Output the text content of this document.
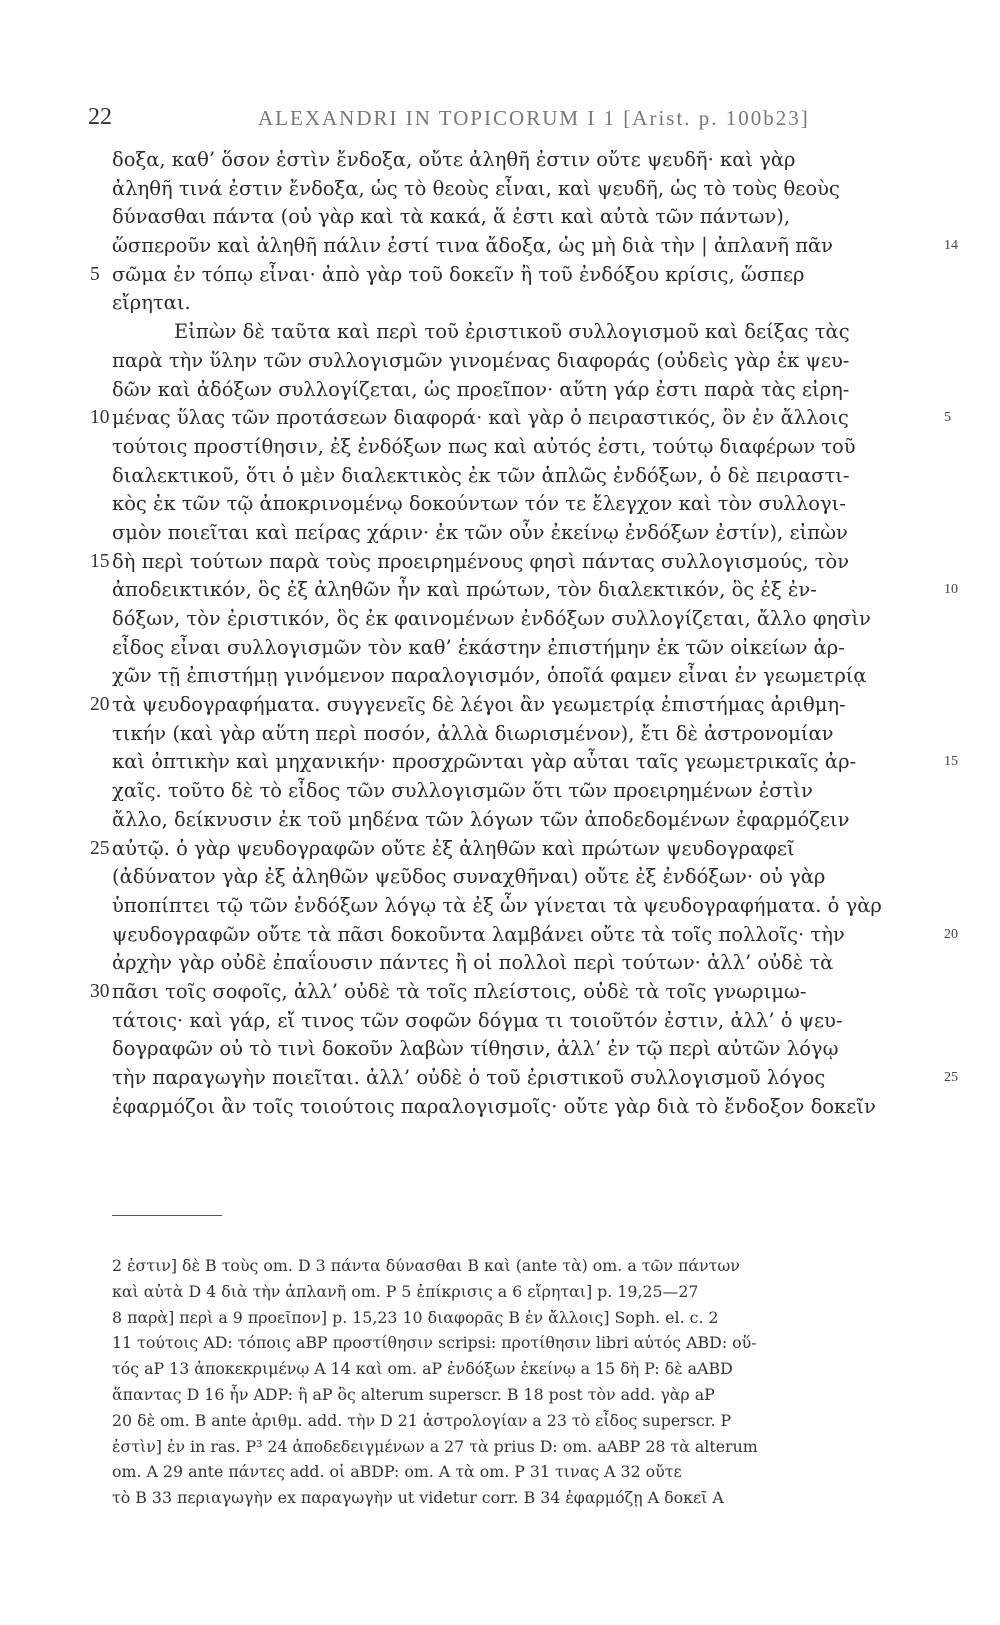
22	ALEXANDRI IN TOPICORUM I 1 [Arist. p. 100b23]
δοξα, καθ’ ὅσον ἐστὶν ἔνδοξα, οὔτε ἀληθῆ ἐστιν οὔτε ψευδῆ· καὶ γὰρ
ἀληθῆ τινά ἐστιν ἔνδοξα, ὡς τὸ θεοὺς εἶναι, καὶ ψευδῆ, ὡς τὸ τοὺς θεοὺς
δύνασθαι πάντα (οὐ γὰρ καὶ τὰ κακά, ἅ ἐστι καὶ αὐτὰ τῶν πάντων),
ὥσπεροῦν καὶ ἀληθῆ πάλιν ἐστί τινα ἄδοξα, ὡς μὴ διὰ τὴν | ἀπλανῆ πᾶν	14
5 σῶμα ἐν τόπῳ εἶναι· ἀπὸ γὰρ τοῦ δοκεῖν ἢ τοῦ ἐνδόξου κρίσις, ὥσπερ
εἴρηται.
Εἰπὼν δὲ ταῦτα καὶ περὶ τοῦ ἐριστικοῦ συλλογισμοῦ καὶ δείξας τὰς
παρὰ τὴν ὕλην τῶν συλλογισμῶν γινομένας διαφοράς (οὐδεὶς γὰρ ἐκ ψευ-
δῶν καὶ ἀδόξων συλλογίζεται, ὡς προεῖπον· αὕτη γάρ ἐστι παρὰ τὰς εἰρη-
10 μένας ὕλας τῶν προτάσεων διαφορά· καὶ γὰρ ὁ πειραστικός, ὃν ἐν ἄλλοις	5
τούτοις προστίθησιν, ἐξ ἐνδόξων πως καὶ αὐτός ἐστι, τούτῳ διαφέρων τοῦ
διαλεκτικοῦ, ὅτι ὁ μὲν διαλεκτικὸς ἐκ τῶν ἁπλῶς ἐνδόξων, ὁ δὲ πειραστι-
κὸς ἐκ τῶν τῷ ἀποκρινομένῳ δοκούντων τόν τε ἔλεγχον καὶ τὸν συλλογι-
σμὸν ποιεῖται καὶ πείρας χάριν· ἐκ τῶν οὖν ἐκείνῳ ἐνδόξων ἐστίν), εἰπὼν
15 δὴ περὶ τούτων παρὰ τοὺς προειρημένους φησὶ πάντας συλλογισμούς, τὸν
ἀποδεικτικόν, ὃς ἐξ ἀληθῶν ἦν καὶ πρώτων, τὸν διαλεκτικόν, ὃς ἐξ ἐν-	10
δόξων, τὸν ἐριστικόν, ὃς ἐκ φαινομένων ἐνδόξων συλλογίζεται, ἄλλο φησὶν
εἶδος εἶναι συλλογισμῶν τὸν καθ’ ἑκάστην ἐπιστήμην ἐκ τῶν οἰκείων ἀρ-
χῶν τῇ ἐπιστήμῃ γινόμενον παραλογισμόν, ὁποῖά φαμεν εἶναι ἐν γεωμετρίᾳ
20 τὰ ψευδογραφήματα. συγγενεῖς δὲ λέγοι ἂν γεωμετρίᾳ ἐπιστήμας ἀριθμη-
τικήν (καὶ γὰρ αὕτη περὶ ποσόν, ἀλλὰ διωρισμένον), ἔτι δὲ ἀστρονομίαν
καὶ ὀπτικὴν καὶ μηχανικήν· προσχρῶνται γὰρ αὗται ταῖς γεωμετρικαῖς ἀρ-	15
χαῖς. τοῦτο δὲ τὸ εἶδος τῶν συλλογισμῶν ὅτι τῶν προειρημένων ἐστὶν
ἄλλο, δείκνυσιν ἐκ τοῦ μηδένα τῶν λόγων τῶν ἀποδεδομένων ἐφαρμόζειν
25 αὐτῷ. ὁ γὰρ ψευδογραφῶν οὔτε ἐξ ἀληθῶν καὶ πρώτων ψευδογραφεῖ
(ἀδύνατον γὰρ ἐξ ἀληθῶν ψεῦδος συναχθῆναι) οὔτε ἐξ ἐνδόξων· οὐ γὰρ
ὑποπίπτει τῷ τῶν ἐνδόξων λόγῳ τὰ ἐξ ὧν γίνεται τὰ ψευδογραφήματα. ὁ γὰρ
ψευδογραφῶν οὔτε τὰ πᾶσι δοκοῦντα λαμβάνει οὔτε τὰ τοῖς πολλοῖς· τὴν	20
ἀρχὴν γὰρ οὐδὲ ἐπαΐουσιν πάντες ἢ οἱ πολλοὶ περὶ τούτων· ἀλλ’ οὐδὲ τὰ
30 πᾶσι τοῖς σοφοῖς, ἀλλ’ οὐδὲ τὰ τοῖς πλείστοις, οὐδὲ τὰ τοῖς γνωριμω-
τάτοις· καὶ γάρ, εἴ τινος τῶν σοφῶν δόγμα τι τοιοῦτόν ἐστιν, ἀλλ’ ὁ ψευ-
δογραφῶν οὐ τὸ τινὶ δοκοῦν λαβὼν τίθησιν, ἀλλ’ ἐν τῷ περὶ αὐτῶν λόγῳ
τὴν παραγωγὴν ποιεῖται. ἀλλ’ οὐδὲ ὁ τοῦ ἐριστικοῦ συλλογισμοῦ λόγος	25
ἐφαρμόζοι ἂν τοῖς τοιούτοις παραλογισμοῖς· οὔτε γὰρ διὰ τὸ ἔνδοξον δοκεῖν
2 ἐστιν] δὲ B τοὺς om. D 3 πάντα δύνασθαι B καὶ (ante τὰ) om. a τῶν πάντων
καὶ αὐτὰ D 4 διὰ τὴν ἀπλανῆ om. P 5 ἐπίκρισις a 6 εἴρηται] p. 19,25—27
8 παρὰ] περὶ a 9 προεῖπον] p. 15,23 10 διαφορᾶς B ἐν ἄλλοις] Soph. el. c. 2
11 τούτοις AD: τόποις aBP προστίθησιν scripsi: προτίθησιν libri αὐτός ABD: οὕ-
τός aP 13 ἀποκεκριμένῳ A 14 καὶ om. aP ἐνδόξων ἐκείνῳ a 15 δὴ P: δὲ aABD
ἅπαντας D 16 ἦν ADP: ἢ aP ὃς alterum superscr. B 18 post τὸν add. γὰρ aP
20 δὲ om. B ante ἀριθμ. add. τὴν D 21 ἀστρολογίαν a 23 τὸ εἶδος superscr. P
ἐστὶν] ἐν in ras. P³ 24 ἀποδεδειγμένων a 27 τὰ prius D: om. aABP 28 τὰ alterum
om. A 29 ante πάντες add. οἱ aBDP: om. A τὰ om. P 31 τινας A 32 οὔτε
τὸ B 33 περιαγωγὴν ex παραγωγὴν ut videtur corr. B 34 ἐφαρμόζῃ A δοκεῖ A
